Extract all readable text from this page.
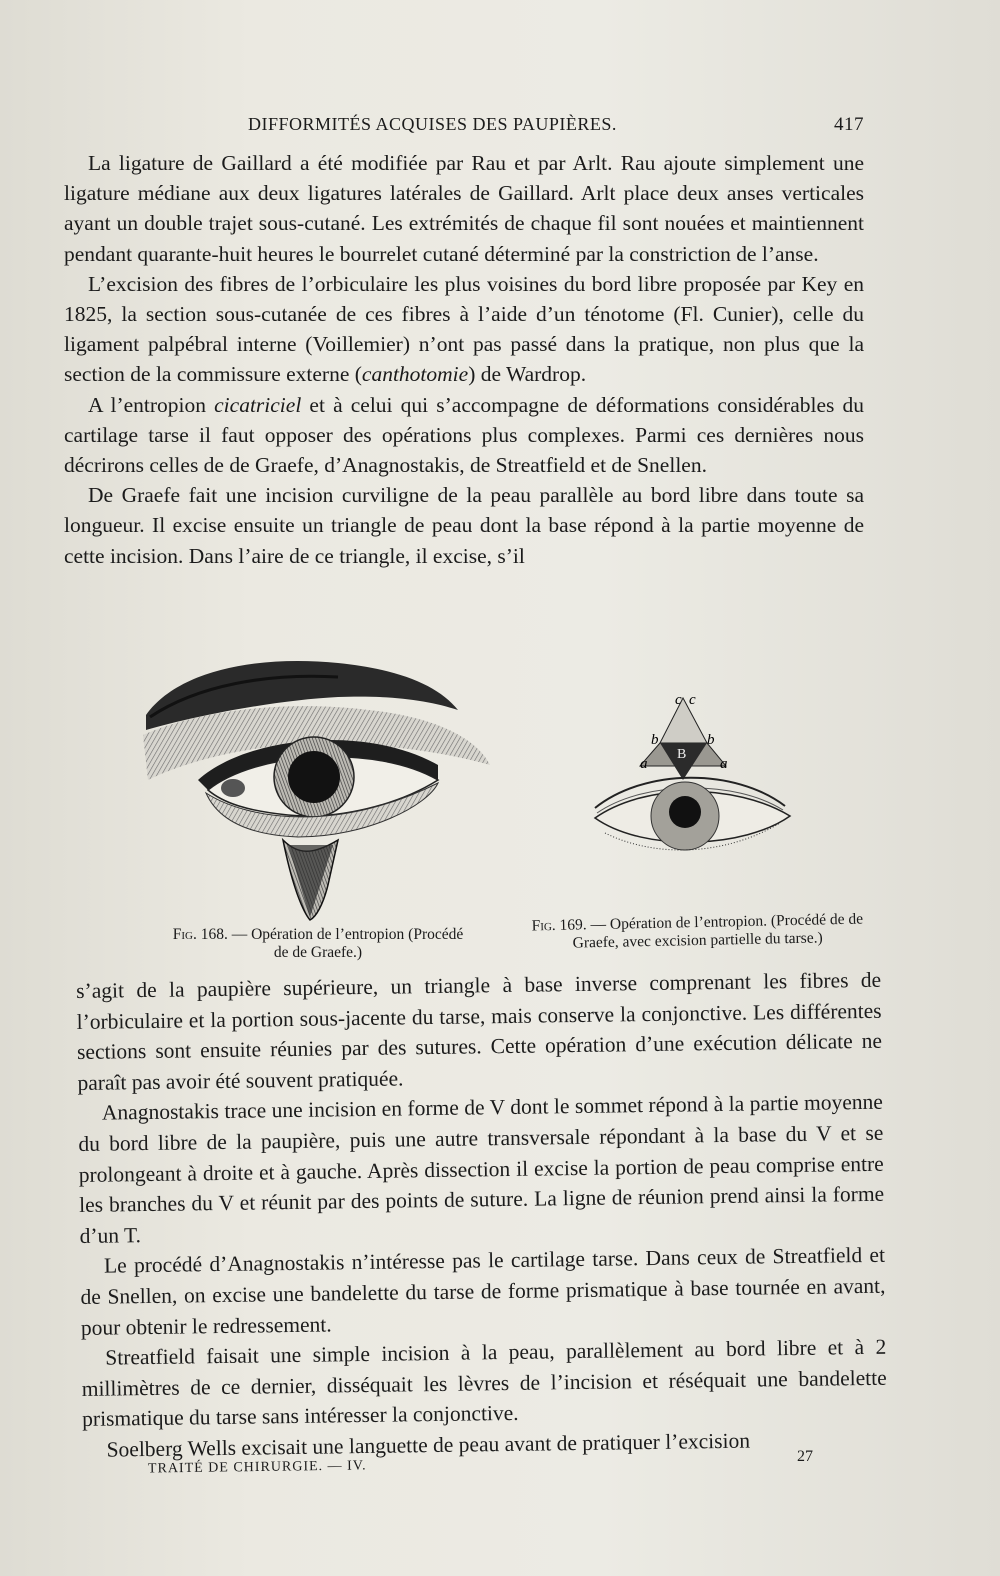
DIFFORMITÉS ACQUISES DES PAUPIÈRES.	417

La ligature de Gaillard a été modifiée par Rau et par Arlt. Rau ajoute simplement une ligature médiane aux deux ligatures latérales de Gaillard. Arlt place deux anses verticales ayant un double trajet sous-cutané. Les extrémités de chaque fil sont nouées et maintiennent pendant quarante-huit heures le bourrelet cutané déterminé par la constriction de l’anse.

L’excision des fibres de l’orbiculaire les plus voisines du bord libre proposée par Key en 1825, la section sous-cutanée de ces fibres à l’aide d’un ténotome (Fl. Cunier), celle du ligament palpébral interne (Voillemier) n’ont pas passé dans la pratique, non plus que la section de la commissure externe (canthotomie) de Wardrop.

A l’entropion cicatriciel et à celui qui s’accompagne de déformations considérables du cartilage tarse il faut opposer des opérations plus complexes. Parmi ces dernières nous décrirons celles de de Graefe, d’Anagnostakis, de Streatfield et de Snellen.

De Graefe fait une incision curviligne de la peau parallèle au bord libre dans toute sa longueur. Il excise ensuite un triangle de peau dont la base répond à la partie moyenne de cette incision. Dans l’aire de ce triangle, il excise, s’il

Fig. 168. — Opération de l’entropion (Procédé de de Graefe.)
B
c c
b	b
a	a
Fig. 169. — Opération de l’entropion. (Procédé de de Graefe, avec excision partielle du tarse.)

s’agit de la paupière supérieure, un triangle à base inverse comprenant les fibres de l’orbiculaire et la portion sous-jacente du tarse, mais conserve la conjonctive. Les différentes sections sont ensuite réunies par des sutures. Cette opération d’une exécution délicate ne paraît pas avoir été souvent pratiquée.

Anagnostakis trace une incision en forme de V dont le sommet répond à la partie moyenne du bord libre de la paupière, puis une autre transversale répondant à la base du V et se prolongeant à droite et à gauche. Après dissection il excise la portion de peau comprise entre les branches du V et réunit par des points de suture. La ligne de réunion prend ainsi la forme d’un T.

Le procédé d’Anagnostakis n’intéresse pas le cartilage tarse. Dans ceux de Streatfield et de Snellen, on excise une bandelette du tarse de forme prismatique à base tournée en avant, pour obtenir le redressement.

Streatfield faisait une simple incision à la peau, parallèlement au bord libre et à 2 millimètres de ce dernier, disséquait les lèvres de l’incision et réséquait une bandelette prismatique du tarse sans intéresser la conjonctive.

Soelberg Wells excisait une languette de peau avant de pratiquer l’excision

TRAITÉ DE CHIRURGIE. — IV.
27
